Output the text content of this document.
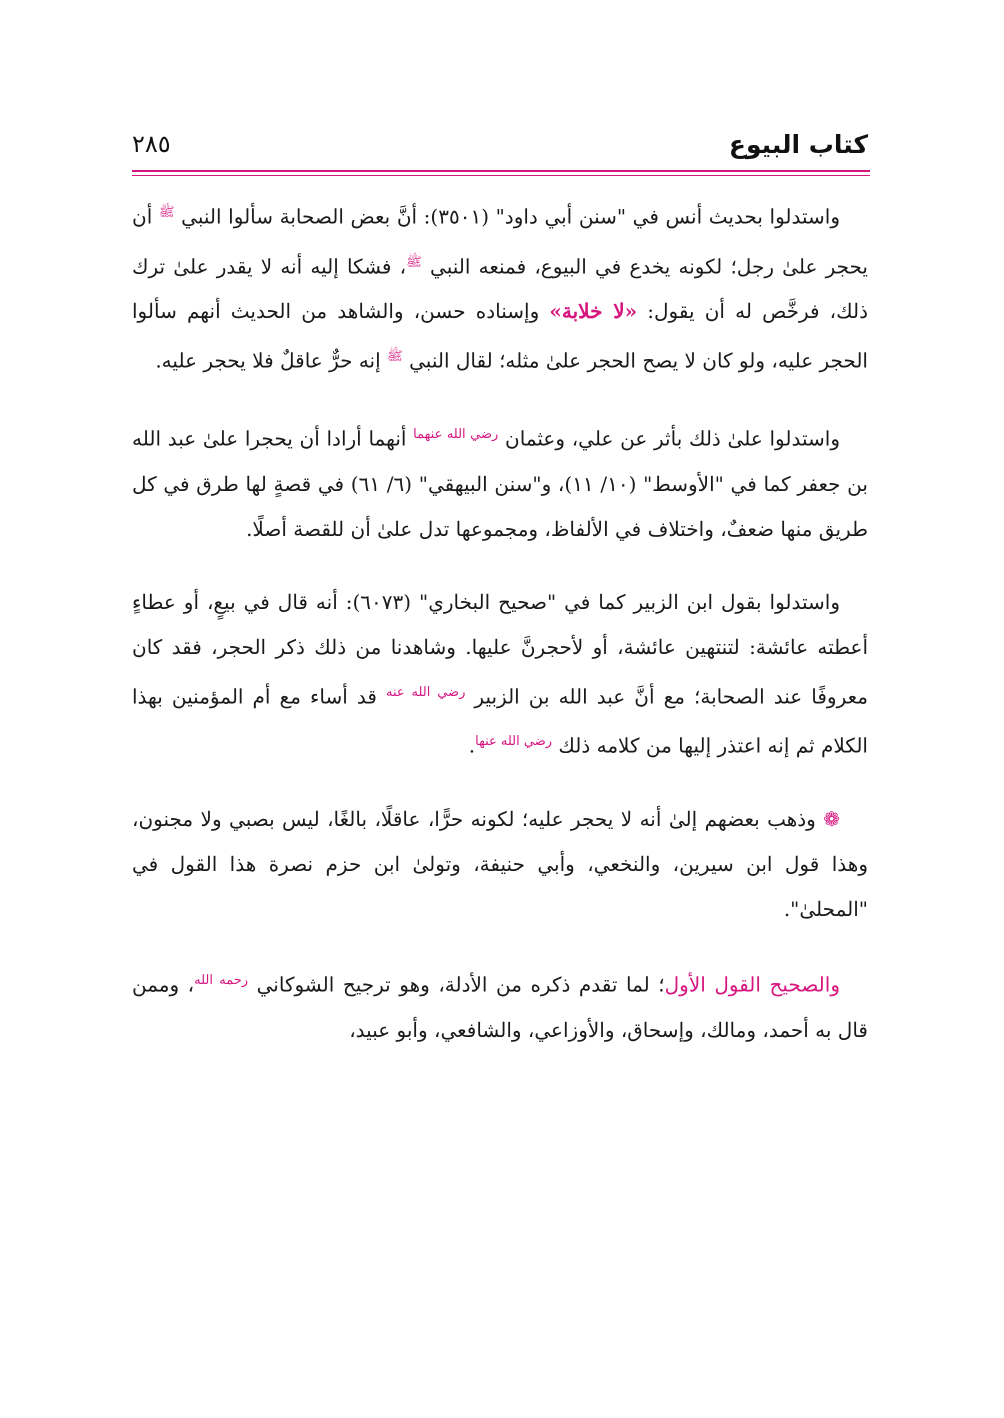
كتاب البيوع
٢٨٥

واستدلوا بحديث أنس في "سنن أبي داود" (٣٥٠١): أنَّ بعض الصحابة سألوا النبي $^ﷺ$ أن يحجر علىٰ رجل؛ لكونه يخدع في البيوع، فمنعه النبي $^ﷺ$، فشكا إليه أنه لا يقدر علىٰ ترك ذلك، فرخَّص له أن يقول: «لا خلابة» وإسناده حسن، والشاهد من الحديث أنهم سألوا الحجر عليه، ولو كان لا يصح الحجر علىٰ مثله؛ لقال النبي $^ﷺ$ إنه حرٌّ عاقلٌ فلا يحجر عليه.

واستدلوا علىٰ ذلك بأثر عن علي، وعثمان $^{رضي الله عنهما}$ أنهما أرادا أن يحجرا علىٰ عبد الله بن جعفر كما في "الأوسط" (١٠/ ١١)، و"سنن البيهقي" (٦/ ٦١) في قصةٍ لها طرق في كل طريق منها ضعفٌ، واختلاف في الألفاظ، ومجموعها تدل علىٰ أن للقصة أصلًا.

واستدلوا بقول ابن الزبير كما في "صحيح البخاري" (٦٠٧٣): أنه قال في بيعٍ، أو عطاءٍ أعطته عائشة: لتنتهين عائشة، أو لأحجرنَّ عليها. وشاهدنا من ذلك ذكر الحجر، فقد كان معروفًا عند الصحابة؛ مع أنَّ عبد الله بن الزبير $^{رضي الله عنه}$ قد أساء مع أم المؤمنين بهذا الكلام ثم إنه اعتذر إليها من كلامه ذلك $^{رضي الله عنها}$.

❁ وذهب بعضهم إلىٰ أنه لا يحجر عليه؛ لكونه حرًّا، عاقلًا، بالغًا، ليس بصبي ولا مجنون، وهذا قول ابن سيرين، والنخعي، وأبي حنيفة، وتولىٰ ابن حزم نصرة هذا القول في "المحلىٰ".

والصحيح القول الأول؛ لما تقدم ذكره من الأدلة، وهو ترجيح الشوكاني $^{رحمه الله}$، وممن قال به أحمد، ومالك، وإسحاق، والأوزاعي، والشافعي، وأبو عبيد،
